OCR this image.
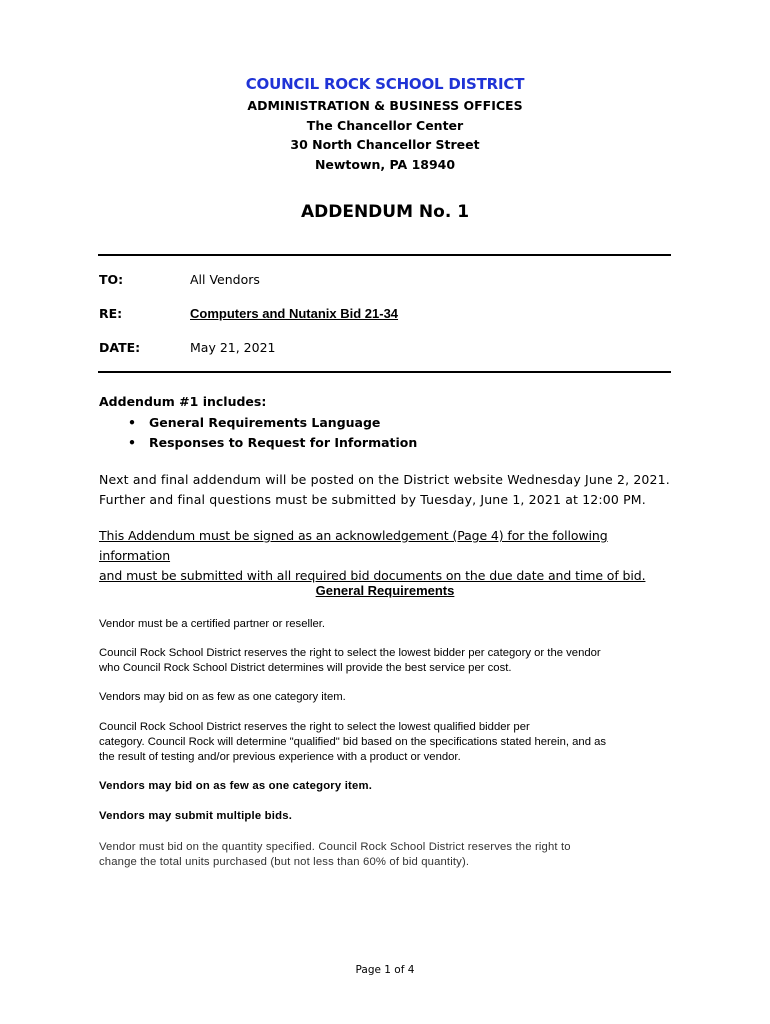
COUNCIL ROCK SCHOOL DISTRICT
ADMINISTRATION & BUSINESS OFFICES
The Chancellor Center
30 North Chancellor Street
Newtown, PA 18940
ADDENDUM No. 1
TO:	All Vendors
RE:	Computers and Nutanix Bid 21-34
DATE:	May 21, 2021
Addendum #1 includes:
• General Requirements Language
• Responses to Request for Information
Next and final addendum will be posted on the District website Wednesday June 2, 2021.
Further and final questions must be submitted by Tuesday, June 1, 2021 at 12:00 PM.
This Addendum must be signed as an acknowledgement (Page 4) for the following information
and must be submitted with all required bid documents on the due date and time of bid.
General Requirements
Vendor must be a certified partner or reseller.
Council Rock School District reserves the right to select the lowest bidder per category or the vendor
who Council Rock School District determines will provide the best service per cost.
Vendors may bid on as few as one category item.
Council Rock School District reserves the right to select the lowest qualified bidder per
category. Council Rock will determine "qualified" bid based on the specifications stated herein, and as
the result of testing and/or previous experience with a product or vendor.
Vendors may bid on as few as one category item.
Vendors may submit multiple bids.
Vendor must bid on the quantity specified. Council Rock School District reserves the right to
change the total units purchased (but not less than 60% of bid quantity).
Page 1 of 4
